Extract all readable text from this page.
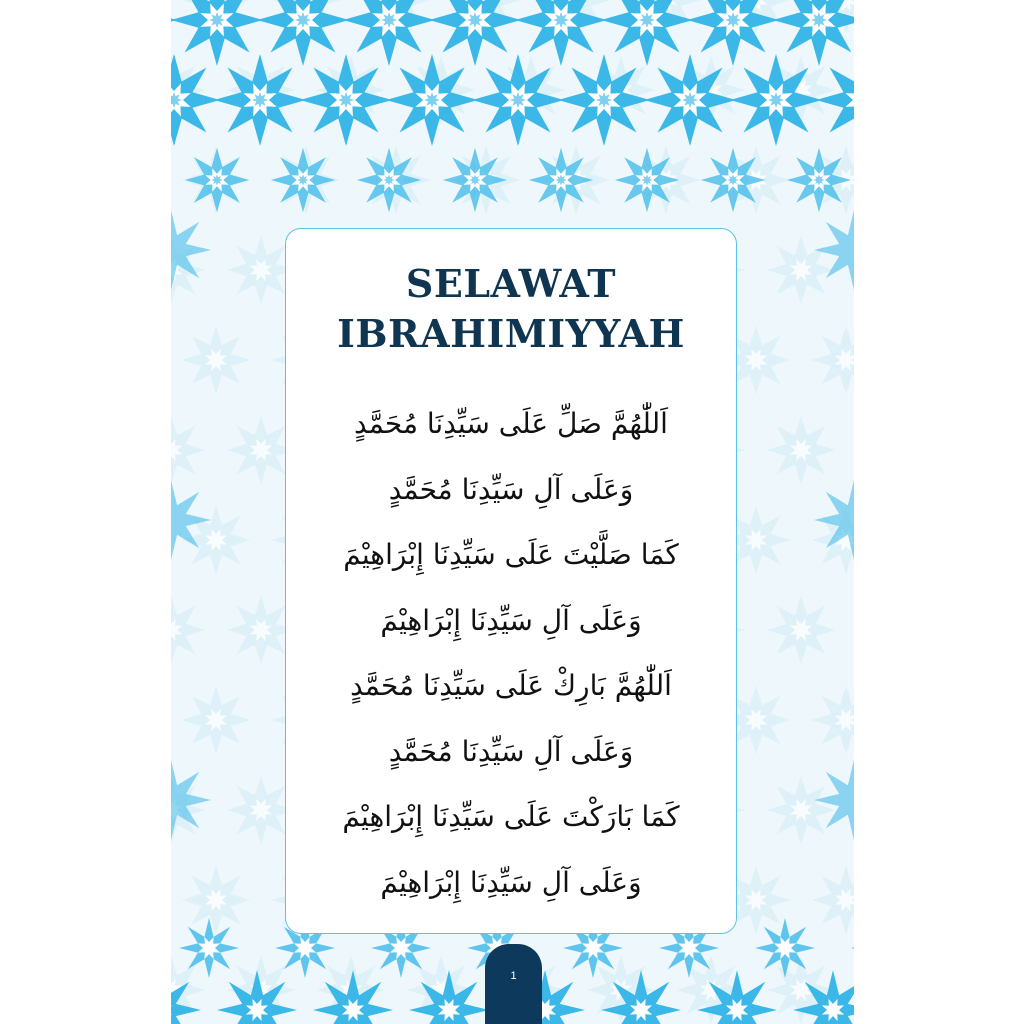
SELAWAT
IBRAHIMIYYAH
اَللّٰهُمَّ صَلِّ عَلَى سَيِّدِنَا مُحَمَّدٍ
وَعَلَى آلِ سَيِّدِنَا مُحَمَّدٍ
كَمَا صَلَّيْتَ عَلَى سَيِّدِنَا إِبْرَاهِيْمَ
وَعَلَى آلِ سَيِّدِنَا إِبْرَاهِيْمَ
اَللّٰهُمَّ بَارِكْ عَلَى سَيِّدِنَا مُحَمَّدٍ
وَعَلَى آلِ سَيِّدِنَا مُحَمَّدٍ
كَمَا بَارَكْتَ عَلَى سَيِّدِنَا إِبْرَاهِيْمَ
وَعَلَى آلِ سَيِّدِنَا إِبْرَاهِيْمَ
1
